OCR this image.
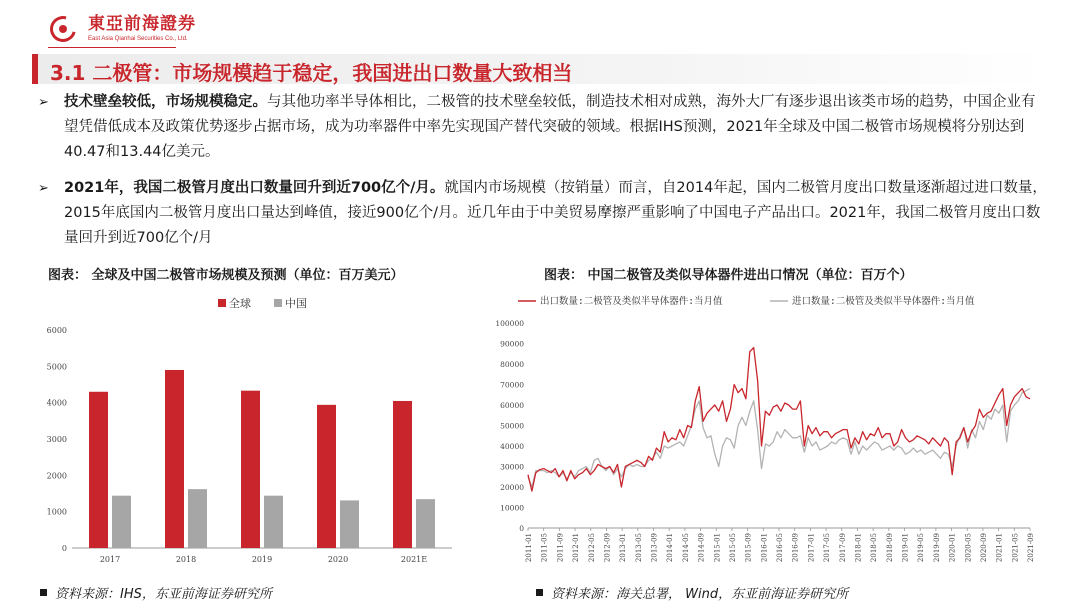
東亞前海證券
East Asia Qianhai Securities Co., Ltd.
3.1 二极管：市场规模趋于稳定，我国进出口数量大致相当
➢ 技术壁垒较低，市场规模稳定。与其他功率半导体相比，二极管的技术壁垒较低，制造技术相对成熟，海外大厂有逐步退出该类市场的趋势，中国企业有望凭借低成本及政策优势逐步占据市场，成为功率器件中率先实现国产替代突破的领域。根据IHS预测，2021年全球及中国二极管市场规模将分别达到40.47和13.44亿美元。
➢ 2021年，我国二极管月度出口数量回升到近700亿个/月。就国内市场规模（按销量）而言，自2014年起，国内二极管月度出口数量逐渐超过进口数量，2015年底国内二极管月度出口量达到峰值，接近900亿个/月。近几年由于中美贸易摩擦严重影响了中国电子产品出口。2021年，我国二极管月度出口数量回升到近700亿个/月
图表： 全球及中国二极管市场规模及预测（单位：百万美元）	图表： 中国二极管及类似导体器件进出口情况（单位：百万个）
全球	中国
0
1000
2000
3000
4000
5000
6000
2017	2018	2019	2020	2021E
出口数量:二极管及类似半导体器件:当月值	进口数量:二极管及类似半导体器件:当月值
0
10000
20000
30000
40000
50000
60000
70000
80000
90000
100000
2011-01 2011-05 2011-09 2012-01 2012-05 2012-09 2013-01 2013-05 2013-09 2014-01 2014-05 2014-09 2015-01 2015-05 2015-09 2016-01 2016-05 2016-09 2017-01 2017-05 2017-09 2018-01 2018-05 2018-09 2019-01 2019-05 2019-09 2020-01 2020-05 2020-09 2021-01 2021-05 2021-09
资料来源：IHS，东亚前海证券研究所	资料来源：海关总署， Wind，东亚前海证券研究所
